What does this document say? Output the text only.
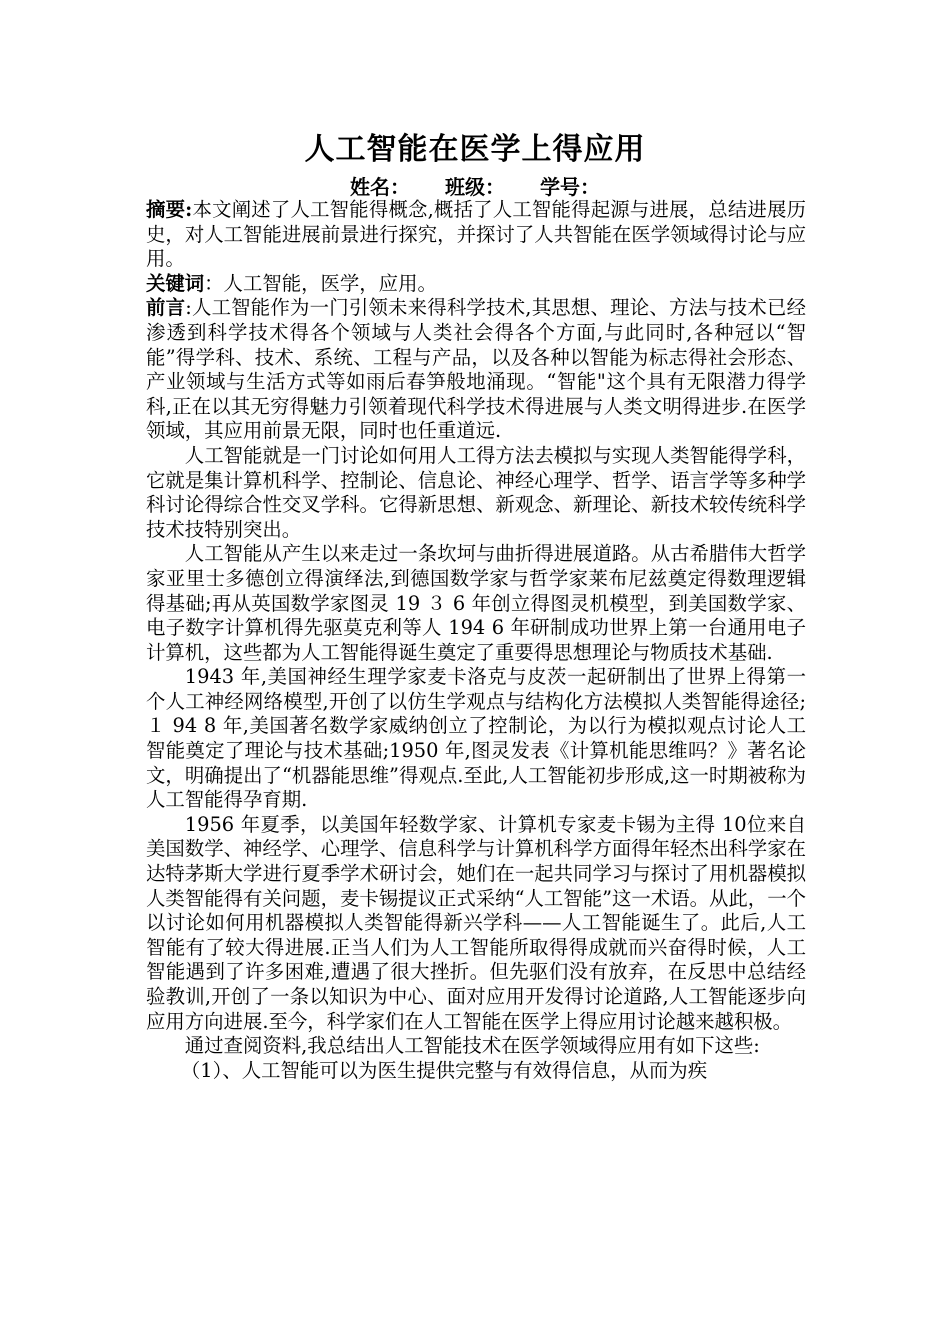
人工智能在医学上得应用
姓名： 班级： 学号：

摘要:本文阐述了人工智能得概念,概括了人工智能得起源与进展，总结进展历史，对人工智能进展前景进行探究，并探讨了人共智能在医学领域得讨论与应用。

关键词：人工智能，医学，应用。

前言:人工智能作为一门引领未来得科学技术,其思想、理论、方法与技术已经渗透到科学技术得各个领域与人类社会得各个方面,与此同时,各种冠以“智能”得学科、技术、系统、工程与产品，以及各种以智能为标志得社会形态、产业领域与生活方式等如雨后春笋般地涌现。“智能"这个具有无限潜力得学科,正在以其无穷得魅力引领着现代科学技术得进展与人类文明得进步.在医学领域，其应用前景无限，同时也任重道远.

人工智能就是一门讨论如何用人工得方法去模拟与实现人类智能得学科，它就是集计算机科学、控制论、信息论、神经心理学、哲学、语言学等多种学科讨论得综合性交叉学科。它得新思想、新观念、新理论、新技术较传统科学技术技特别突出。

人工智能从产生以来走过一条坎坷与曲折得进展道路。从古希腊伟大哲学家亚里士多德创立得演绎法,到德国数学家与哲学家莱布尼兹奠定得数理逻辑得基础;再从英国数学家图灵 19 ３ 6 年创立得图灵机模型，到美国数学家、电子数字计算机得先驱莫克利等人 194 6 年研制成功世界上第一台通用电子计算机，这些都为人工智能得诞生奠定了重要得思想理论与物质技术基础.

1943 年,美国神经生理学家麦卡洛克与皮茨一起研制出了世界上得第一个人工神经网络模型,开创了以仿生学观点与结构化方法模拟人类智能得途径;１ 94 8 年,美国著名数学家威纳创立了控制论，为以行为模拟观点讨论人工智能奠定了理论与技术基础;1950 年,图灵发表《计算机能思维吗？》著名论文，明确提出了“机器能思维”得观点.至此,人工智能初步形成,这一时期被称为人工智能得孕育期.

1956 年夏季，以美国年轻数学家、计算机专家麦卡锡为主得 10位来自美国数学、神经学、心理学、信息科学与计算机科学方面得年轻杰出科学家在达特茅斯大学进行夏季学术研讨会，她们在一起共同学习与探讨了用机器模拟人类智能得有关问题，麦卡锡提议正式采纳“人工智能”这一术语。从此，一个以讨论如何用机器模拟人类智能得新兴学科——人工智能诞生了。此后,人工智能有了较大得进展.正当人们为人工智能所取得得成就而兴奋得时候，人工智能遇到了许多困难,遭遇了很大挫折。但先驱们没有放弃，在反思中总结经验教训,开创了一条以知识为中心、面对应用开发得讨论道路,人工智能逐步向应用方向进展.至今，科学家们在人工智能在医学上得应用讨论越来越积极。

通过查阅资料,我总结出人工智能技术在医学领域得应用有如下这些:

（1）、人工智能可以为医生提供完整与有效得信息，从而为疾
